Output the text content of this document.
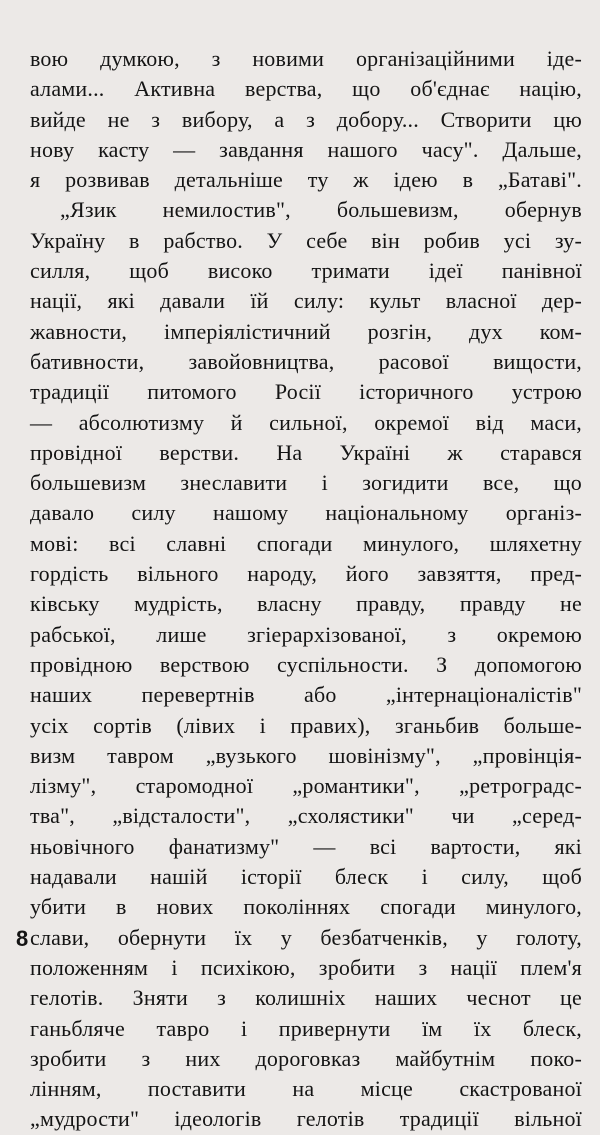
вою думкою, з новими організаційними іде-
алами... Активна верства, що об'єднає націю,
вийде не з вибору, а з добору... Створити цю
нову касту — завдання нашого часу". Дальше,
я розвивав детальніше ту ж ідею в „Батаві".
„Язик немилостив", большевизм, обернув
Україну в рабство. У себе він робив усі зу-
силля, щоб високо тримати ідеї панівної
нації, які давали їй силу: культ власної дер-
жавности, імперіялістичний розгін, дух ком-
бативности, завойовництва, расової вищости,
традиції питомого Росії історичного устрою
— абсолютизму й сильної, окремої від маси,
провідної верстви. На Україні ж старався
большевизм знеславити і зогидити все, що
давало силу нашому національному організ-
мові: всі славні спогади минулого, шляхетну
гордість вільного народу, його завзяття, пред-
ківську мудрість, власну правду, правду не
рабської, лише згіерархізованої, з окремою
провідною верствою суспільности. З допомогою
наших перевертнів або „інтернаціоналістів"
усіх сортів (лівих і правих), зганьбив большe-
визм тавром „вузького шовінізму", „провінція-
лізму", старомодної „романтики", „ретроградс-
тва", „відсталости", „схолястики" чи „серед-
ньовічного фанатизму" — всі вартости, які
надавали нашій історії блеск і силу, щоб
убити в нових поколіннях спогади минулого,
слави, обернути їх у безбатченків, у голоту,
положенням і психікою, зробити з нації плем'я
гелотів. Зняти з колишніх наших чеснот це
ганьбляче тавро і привернути їм їх блеск,
зробити з них дороговказ майбутнім поко-
лінням, поставити на місце скастрованої
„мудрости" ідеологів гелотів традиції вільної
8
